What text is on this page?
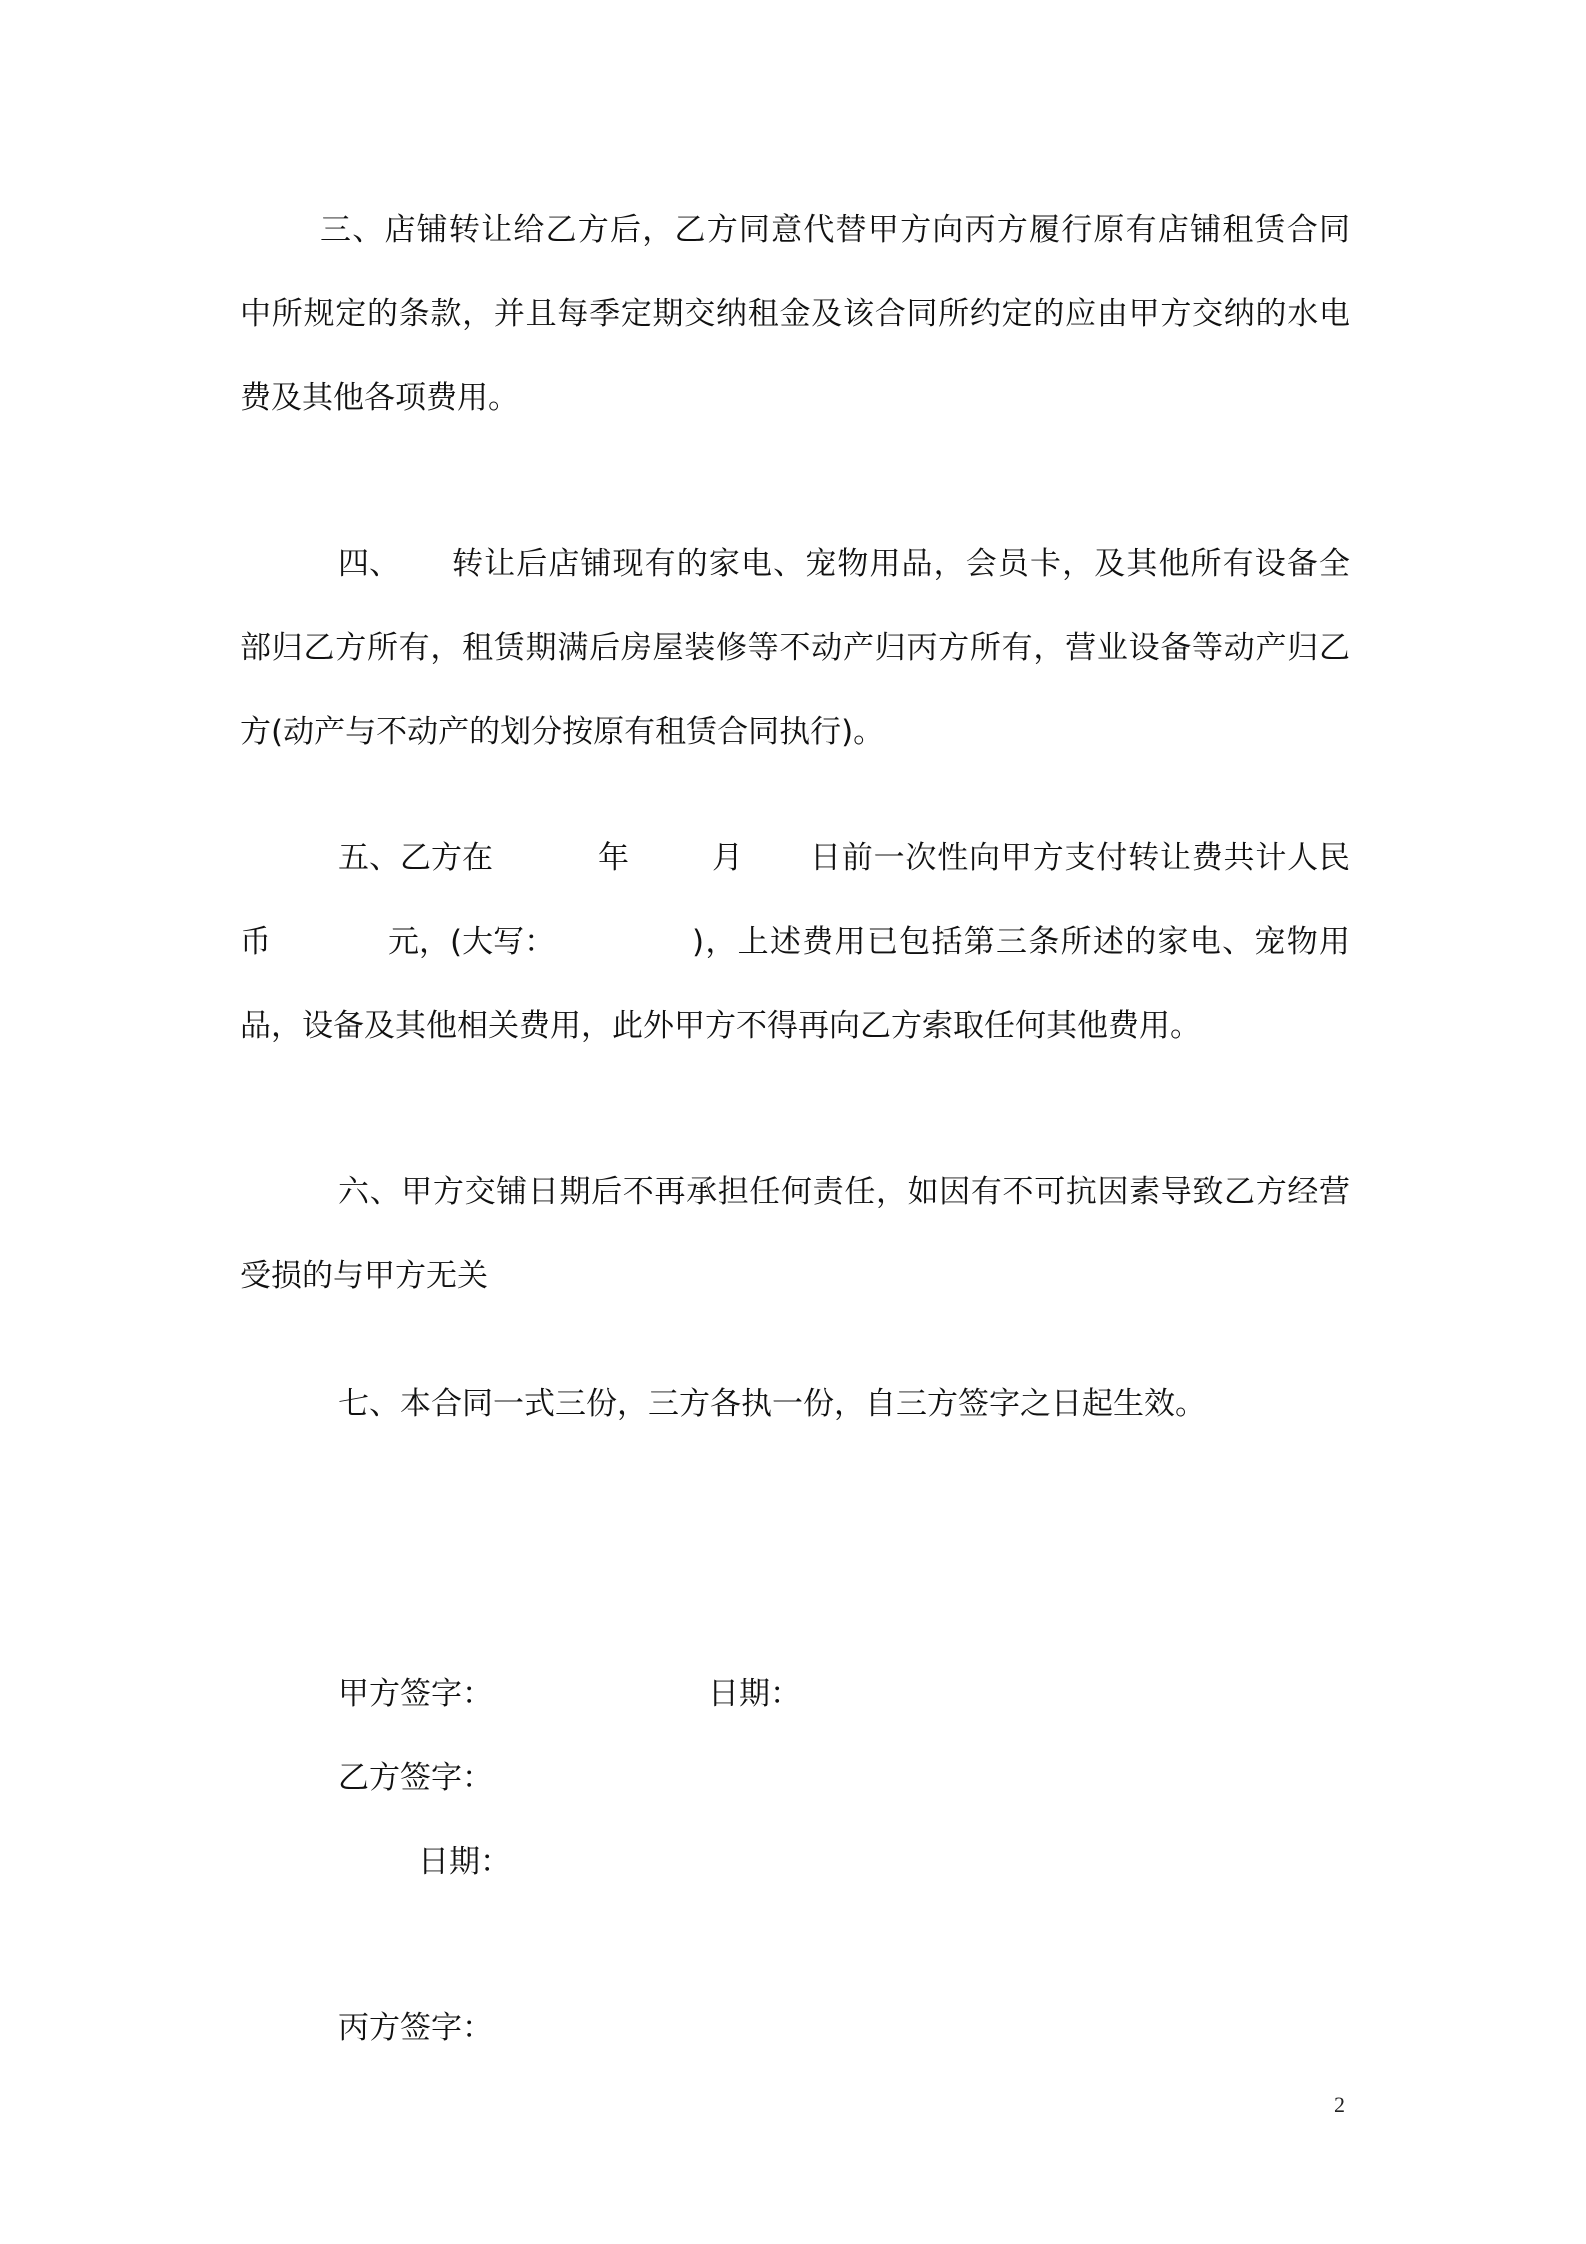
三、店铺转让给乙方后，乙方同意代替甲方向丙方履行原有店铺租赁合同
中所规定的条款，并且每季定期交纳租金及该合同所约定的应由甲方交纳的水电
费及其他各项费用。
四、 转让后店铺现有的家电、宠物用品，会员卡，及其他所有设备全
部归乙方所有，租赁期满后房屋装修等不动产归丙方所有，营业设备等动产归乙
方(动产与不动产的划分按原有租赁合同执行)。
五、乙方在	年	月 日前一次性向甲方支付转让费共计人民
币	元，(大写：	)，上述费用已包括第三条所述的家电、宠物用
品，设备及其他相关费用，此外甲方不得再向乙方索取任何其他费用。
六、甲方交铺日期后不再承担任何责任，如因有不可抗因素导致乙方经营
受损的与甲方无关
七、本合同一式三份，三方各执一份，自三方签字之日起生效。
甲方签字：	日期：
乙方签字：
日期：
丙方签字：
2
